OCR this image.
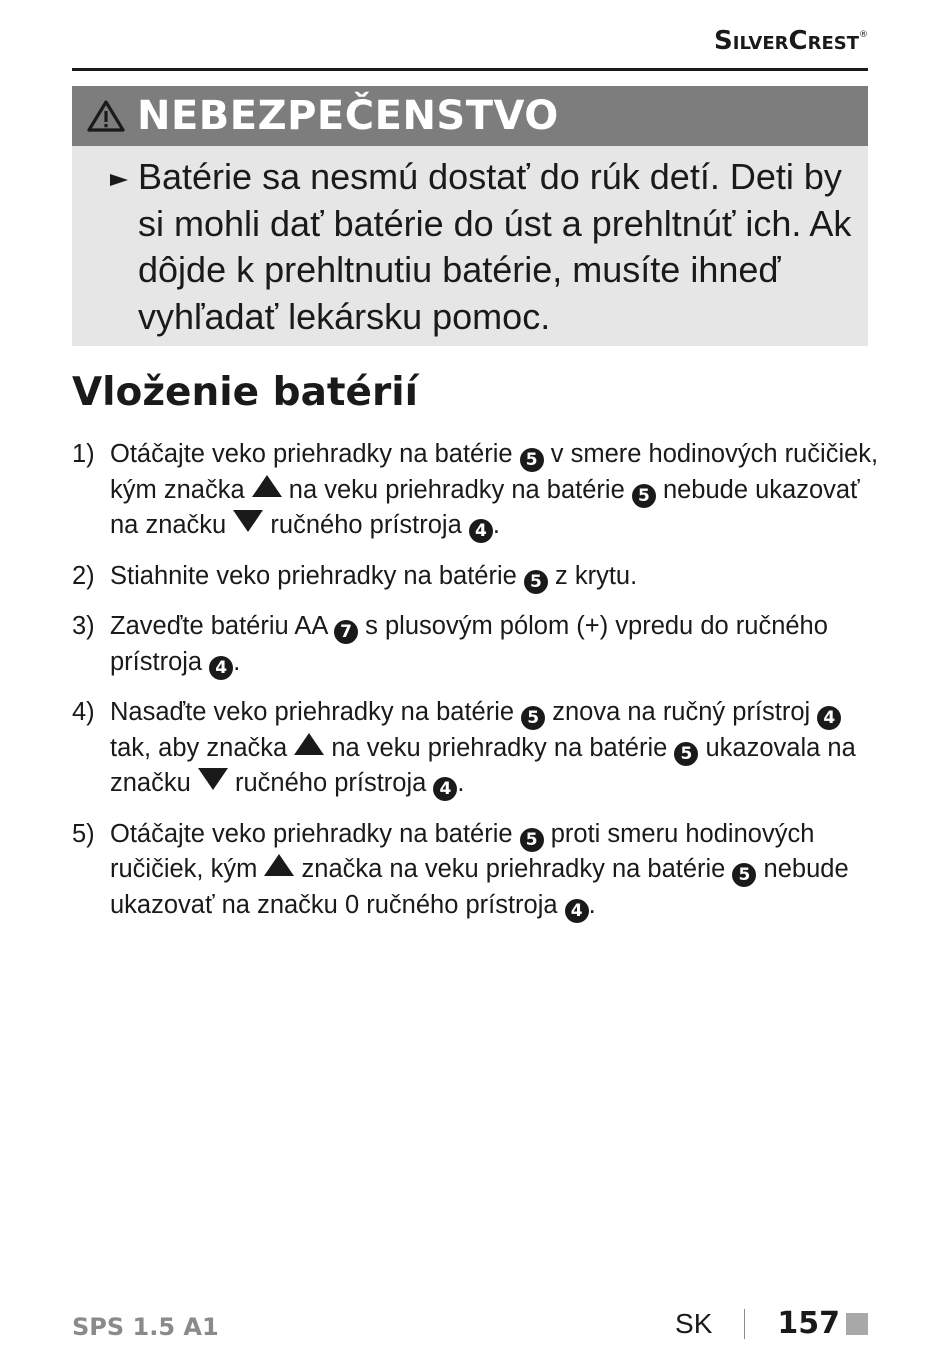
SilverCrest®
NEBEZPEČENSTVO
Batérie sa nesmú dostať do rúk detí. Deti by si mohli dať batérie do úst a prehltnúť ich. Ak dôjde k prehltnutiu batérie, musíte ihneď vyhľadať lekársku pomoc.
Vloženie batérií
1) Otáčajte veko priehradky na batérie 5 v smere hodinových ručičiek, kým značka  na veku priehradky na batérie 5 nebude ukazovať na značku  ručného prístroja 4 .
2) Stiahnite veko priehradky na batérie 5 z krytu.
3) Zaveďte batériu AA 7 s plusovým pólom (+) vpredu do ručného prístroja 4 .
4) Nasaďte veko priehradky na batérie 5 znova na ručný prístroj 4 tak, aby značka  na veku priehradky na batérie 5 ukazovala na značku  ručného prístroja 4 .
5) Otáčajte veko priehradky na batérie 5 proti smeru hodinových ručičiek, kým  značka na veku priehradky na batérie 5 nebude ukazovať na značku 0 ručného prístroja 4 .
SPS 1.5 A1	SK 157
